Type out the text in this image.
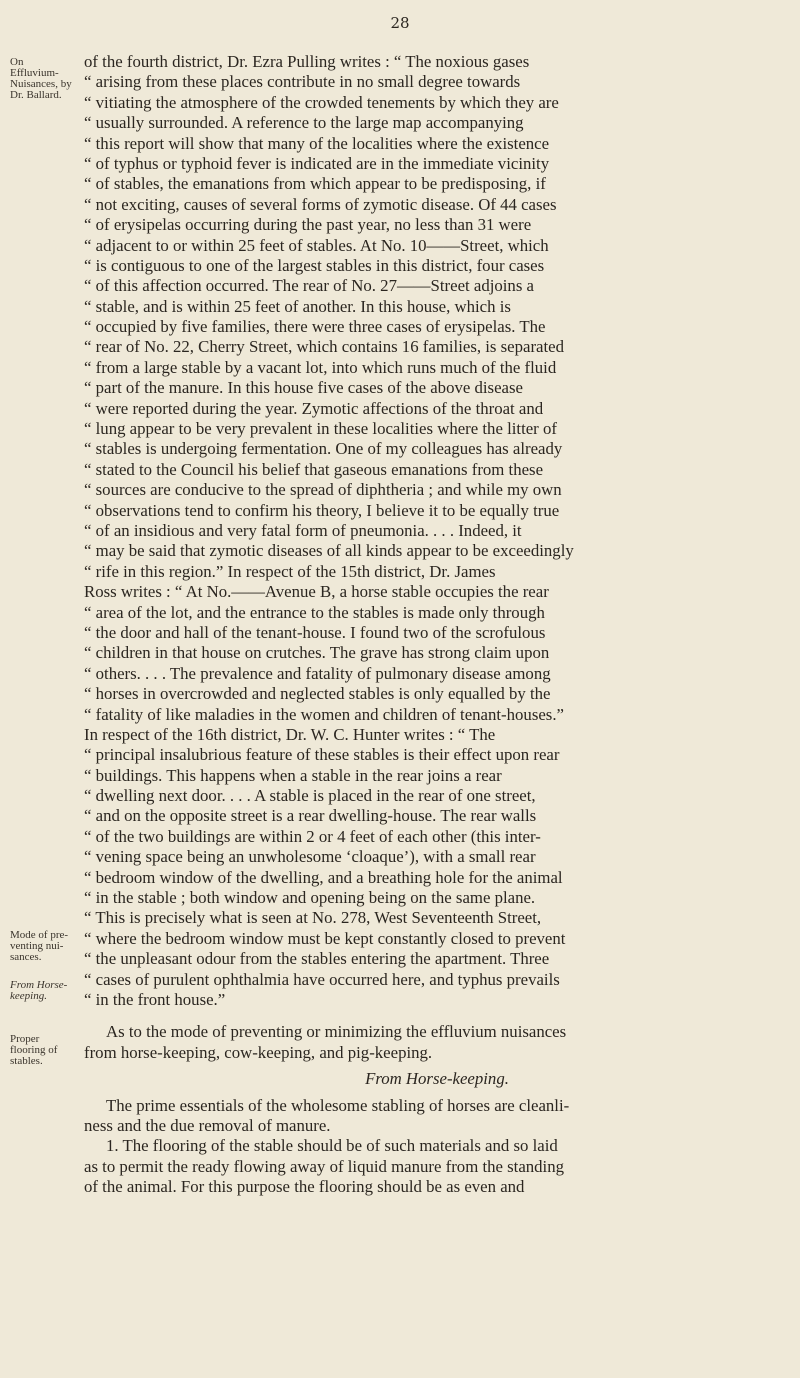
28
On Effluvium-Nuisances, by Dr. Ballard.
Mode of pre-venting nui-sances.
From Horse-keeping.
Proper flooring of stables.
of the fourth district, Dr. Ezra Pulling writes : “ The noxious gases
“ arising from these places contribute in no small degree towards
“ vitiating the atmosphere of the crowded tenements by which they are
“ usually surrounded. A reference to the large map accompanying
“ this report will show that many of the localities where the existence
“ of typhus or typhoid fever is indicated are in the immediate vicinity
“ of stables, the emanations from which appear to be predisposing, if
“ not exciting, causes of several forms of zymotic disease. Of 44 cases
“ of erysipelas occurring during the past year, no less than 31 were
“ adjacent to or within 25 feet of stables. At No. 10——Street, which
“ is contiguous to one of the largest stables in this district, four cases
“ of this affection occurred. The rear of No. 27——Street adjoins a
“ stable, and is within 25 feet of another. In this house, which is
“ occupied by five families, there were three cases of erysipelas. The
“ rear of No. 22, Cherry Street, which contains 16 families, is separated
“ from a large stable by a vacant lot, into which runs much of the fluid
“ part of the manure. In this house five cases of the above disease
“ were reported during the year. Zymotic affections of the throat and
“ lung appear to be very prevalent in these localities where the litter of
“ stables is undergoing fermentation. One of my colleagues has already
“ stated to the Council his belief that gaseous emanations from these
“ sources are conducive to the spread of diphtheria ; and while my own
“ observations tend to confirm his theory, I believe it to be equally true
“ of an insidious and very fatal form of pneumonia. . . . Indeed, it
“ may be said that zymotic diseases of all kinds appear to be exceedingly
“ rife in this region.” In respect of the 15th district, Dr. James
Ross writes : “ At No.——Avenue B, a horse stable occupies the rear
“ area of the lot, and the entrance to the stables is made only through
“ the door and hall of the tenant-house. I found two of the scrofulous
“ children in that house on crutches. The grave has strong claim upon
“ others. . . . The prevalence and fatality of pulmonary disease among
“ horses in overcrowded and neglected stables is only equalled by the
“ fatality of like maladies in the women and children of tenant-houses.”
In respect of the 16th district, Dr. W. C. Hunter writes : “ The
“ principal insalubrious feature of these stables is their effect upon rear
“ buildings. This happens when a stable in the rear joins a rear
“ dwelling next door. . . . A stable is placed in the rear of one street,
“ and on the opposite street is a rear dwelling-house. The rear walls
“ of the two buildings are within 2 or 4 feet of each other (this inter-
“ vening space being an unwholesome ‘cloaque’), with a small rear
“ bedroom window of the dwelling, and a breathing hole for the animal
“ in the stable ; both window and opening being on the same plane.
“ This is precisely what is seen at No. 278, West Seventeenth Street,
“ where the bedroom window must be kept constantly closed to prevent
“ the unpleasant odour from the stables entering the apartment. Three
“ cases of purulent ophthalmia have occurred here, and typhus prevails
“ in the front house.”
As to the mode of preventing or minimizing the effluvium nuisances
from horse-keeping, cow-keeping, and pig-keeping.
From Horse-keeping.
The prime essentials of the wholesome stabling of horses are cleanli-
ness and the due removal of manure.
1. The flooring of the stable should be of such materials and so laid
as to permit the ready flowing away of liquid manure from the standing
of the animal. For this purpose the flooring should be as even and
